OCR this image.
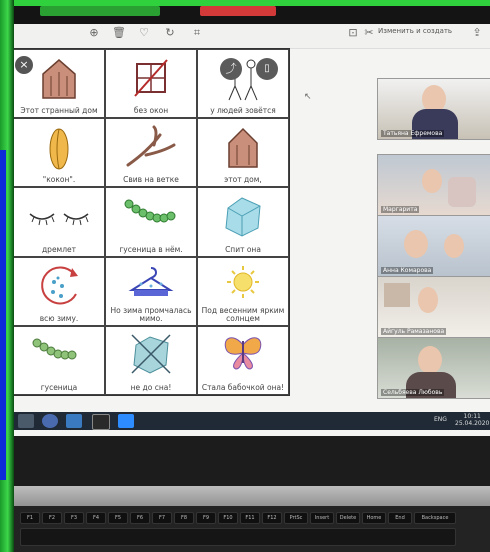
⊕ 🗑 ♡ ↻	⌗	⊡ ✂ Изменить и создать ⇪
↖
Этот странный дом
×
без окон
⤴	▯
у людей зовётся
"кокон".	Свив на ветке	этот дом,
дремлет	гусеница в нём.	Спит она
всю зиму.
Но зима промчалась мимо.
Под весенним ярким солнцем
гусеница	не до сна!	Стала бабочкой она!
Татьяна Ефремова
Маргарита
Анна Комарова
Айгуль Рамазанова
Сельбяева Любовь
ENG	10:11
25.04.2020
F1	F2	F3	F4	F5	F6	F7	F8	F9	F10	F11	F12	PrtSc	Insert	Delete	Home	End	Backspace
